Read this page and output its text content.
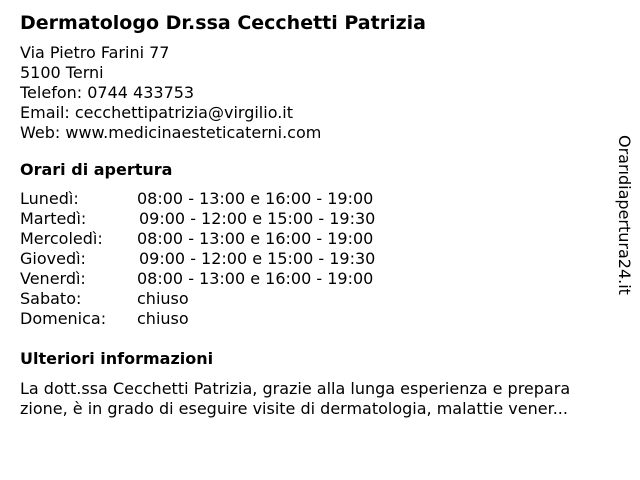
Dermatologo Dr.ssa Cecchetti Patrizia
Via Pietro Farini 77
5100 Terni
Telefon: 0744 433753
Email: cecchettipatrizia@virgilio.it
Web: www.medicinaesteticaterni.com
Orari di apertura
Lunedì:	08:00 - 13:00 e 16:00 - 19:00
Martedì:	09:00 - 12:00 e 15:00 - 19:30
Mercoledì:	08:00 - 13:00 e 16:00 - 19:00
Giovedì:	09:00 - 12:00 e 15:00 - 19:30
Venerdì:	08:00 - 13:00 e 16:00 - 19:00
Sabato:	chiuso
Domenica:	chiuso
Ulteriori informazioni
La dott.ssa Cecchetti Patrizia, grazie alla lunga esperienza e prepara
zione, è in grado di eseguire visite di dermatologia, malattie vener...
Orarıdiapertura24.it
